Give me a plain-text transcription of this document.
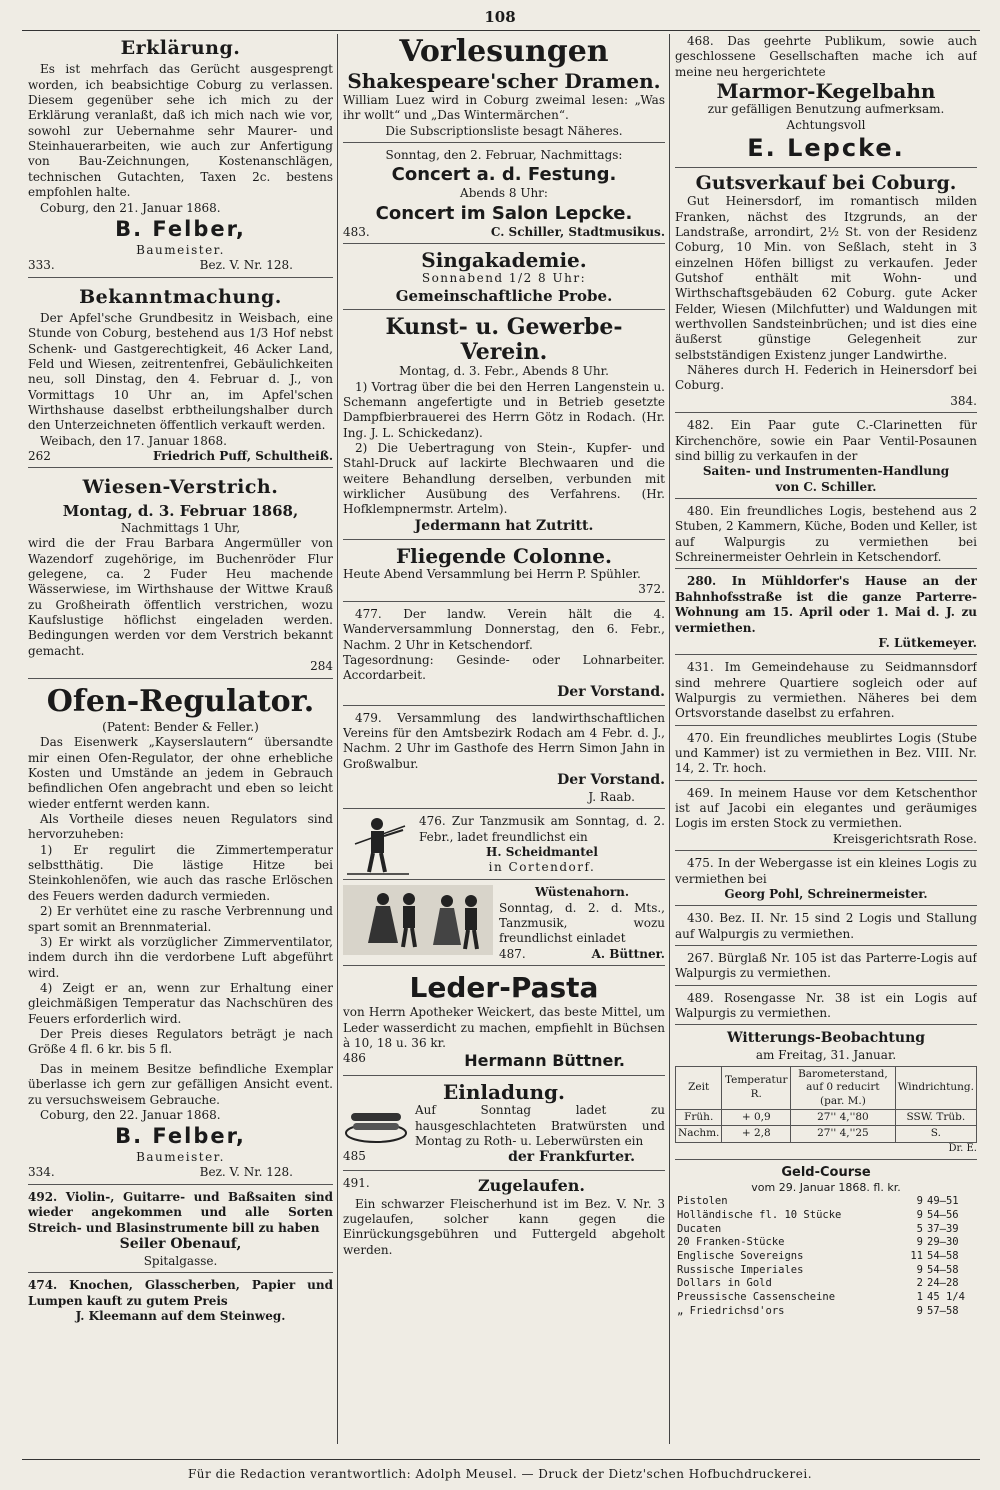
108
Erklärung.
Es ist mehrfach das Gerücht ausgesprengt worden, ich beabsichtige Coburg zu verlassen. Diesem gegenüber sehe ich mich zu der Erklärung veranlaßt, daß ich mich nach wie vor, sowohl zur Uebernahme sehr Maurer- und Steinhauerarbeiten, wie auch zur Anfertigung von Bau-Zeichnungen, Kostenanschlägen, technischen Gutachten, Taxen 2c. bestens empfohlen halte.
Coburg, den 21. Januar 1868.
B. Felber,
Baumeister.
333.	Bez. V. Nr. 128.
Bekanntmachung.
Der Apfel'sche Grundbesitz in Weisbach, eine Stunde von Coburg, bestehend aus 1/3 Hof nebst Schenk- und Gastgerechtigkeit, 46 Acker Land, Feld und Wiesen, zeitrentenfrei, Gebäulichkeiten neu, soll Dinstag, den 4. Februar d. J., von Vormittags 10 Uhr an, im Apfel'schen Wirthshause daselbst erbtheilungshalber durch den Unterzeichneten öffentlich verkauft werden.
Weibach, den 17. Januar 1868.
262	Friedrich Puff, Schultheiß.
Wiesen-Verstrich.
Montag, d. 3. Februar 1868,
Nachmittags 1 Uhr,
wird die der Frau Barbara Angermüller von Wazendorf zugehörige, im Buchenröder Flur gelegene, ca. 2 Fuder Heu machende Wässerwiese, im Wirthshause der Wittwe Krauß zu Großheirath öffentlich verstrichen, wozu Kaufslustige höflichst eingeladen werden. Bedingungen werden vor dem Verstrich bekannt gemacht.
284
Ofen-Regulator.
(Patent: Bender & Feller.)
Das Eisenwerk „Kayserslautern“ übersandte mir einen Ofen-Regulator, der ohne erhebliche Kosten und Umstände an jedem in Gebrauch befindlichen Ofen angebracht und eben so leicht wieder entfernt werden kann.
Als Vortheile dieses neuen Regulators sind hervorzuheben:
1) Er regulirt die Zimmertemperatur selbstthätig. Die lästige Hitze bei Steinkohlenöfen, wie auch das rasche Erlöschen des Feuers werden dadurch vermieden.
2) Er verhütet eine zu rasche Verbrennung und spart somit an Brennmaterial.
3) Er wirkt als vorzüglicher Zimmerventilator, indem durch ihn die verdorbene Luft abgeführt wird.
4) Zeigt er an, wenn zur Erhaltung einer gleichmäßigen Temperatur das Nachschüren des Feuers erforderlich wird.
Der Preis dieses Regulators beträgt je nach Größe 4 fl. 6 kr. bis 5 fl.
Das in meinem Besitze befindliche Exemplar überlasse ich gern zur gefälligen Ansicht event. zu versuchsweisem Gebrauche.
Coburg, den 22. Januar 1868.
B. Felber,
Baumeister.
334.	Bez. V. Nr. 128.
492. Violin-, Guitarre- und Baßsaiten sind wieder angekommen und alle Sorten Streich- und Blasinstrumente bill zu haben
Seiler Obenauf,
Spitalgasse.
474. Knochen, Glasscherben, Papier und Lumpen kauft zu gutem Preis
J. Kleemann auf dem Steinweg.
Vorlesungen
Shakespeare'scher Dramen.
William Luez wird in Coburg zweimal lesen: „Was ihr wollt“ und „Das Wintermärchen“.
Die Subscriptionsliste besagt Näheres.
Sonntag, den 2. Februar, Nachmittags:
Concert a. d. Festung.
Abends 8 Uhr:
Concert im Salon Lepcke.
483.	C. Schiller, Stadtmusikus.
Singakademie.
Sonnabend 1/2 8 Uhr:
Gemeinschaftliche Probe.
Kunst- u. Gewerbe-Verein.
Montag, d. 3. Febr., Abends 8 Uhr.
1) Vortrag über die bei den Herren Langenstein u. Schemann angefertigte und in Betrieb gesetzte Dampfbierbrauerei des Herrn Götz in Rodach. (Hr. Ing. J. L. Schickedanz).
2) Die Uebertragung von Stein-, Kupfer- und Stahl-Druck auf lackirte Blechwaaren und die weitere Behandlung derselben, verbunden mit wirklicher Ausübung des Verfahrens. (Hr. Hofklempnermstr. Artelm).
Jedermann hat Zutritt.
Fliegende Colonne.
Heute Abend Versammlung bei Herrn P. Spühler.
372.
477. Der landw. Verein hält die 4. Wanderversammlung Donnerstag, den 6. Febr., Nachm. 2 Uhr in Ketschendorf.
Tagesordnung: Gesinde- oder Lohnarbeiter. Accordarbeit.
Der Vorstand.
479. Versammlung des landwirthschaftlichen Vereins für den Amtsbezirk Rodach am 4 Febr. d. J., Nachm. 2 Uhr im Gasthofe des Herrn Simon Jahn in Großwalbur.
Der Vorstand.
J. Raab.
476. Zur Tanzmusik am Sonntag, d. 2. Febr., ladet freundlichst ein
H. Scheidmantel
in Cortendorf.
Wüstenahorn.
Sonntag, d. 2. d. Mts., Tanzmusik, wozu freundlichst einladet
487.	A. Büttner.
Leder-Pasta
von Herrn Apotheker Weickert, das beste Mittel, um Leder wasserdicht zu machen, empfiehlt in Büchsen à 10, 18 u. 36 kr.
486	Hermann Büttner.
Einladung.
Auf Sonntag ladet zu hausgeschlachteten Bratwürsten und Montag zu Roth- u. Leberwürsten ein
485	der Frankfurter.
491.	Zugelaufen.
Ein schwarzer Fleischerhund ist im Bez. V. Nr. 3 zugelaufen, solcher kann gegen die Einrückungsgebühren und Futtergeld abgeholt werden.
468. Das geehrte Publikum, sowie auch geschlossene Gesellschaften mache ich auf meine neu hergerichtete
Marmor-Kegelbahn
zur gefälligen Benutzung aufmerksam.
Achtungsvoll
E. Lepcke.
Gutsverkauf bei Coburg.
Gut Heinersdorf, im romantisch milden Franken, nächst des Itzgrunds, an der Landstraße, arrondirt, 2½ St. von der Residenz Coburg, 10 Min. von Seßlach, steht in 3 einzelnen Höfen billigst zu verkaufen. Jeder Gutshof enthält mit Wohn- und Wirthschaftsgebäuden 62 Coburg. gute Acker Felder, Wiesen (Milchfutter) und Waldungen mit werthvollen Sandsteinbrüchen; und ist dies eine äußerst günstige Gelegenheit zur selbstständigen Existenz junger Landwirthe.
Näheres durch H. Federich in Heinersdorf bei Coburg.
384.
482. Ein Paar gute C.-Clarinetten für Kirchenchöre, sowie ein Paar Ventil-Posaunen sind billig zu verkaufen in der
Saiten- und Instrumenten-Handlung
von C. Schiller.
480. Ein freundliches Logis, bestehend aus 2 Stuben, 2 Kammern, Küche, Boden und Keller, ist auf Walpurgis zu vermiethen bei Schreinermeister Oehrlein in Ketschendorf.
280. In Mühldorfer's Hause an der Bahnhofsstraße ist die ganze Parterre-Wohnung am 15. April oder 1. Mai d. J. zu vermiethen.
F. Lütkemeyer.
431. Im Gemeindehause zu Seidmannsdorf sind mehrere Quartiere sogleich oder auf Walpurgis zu vermiethen. Näheres bei dem Ortsvorstande daselbst zu erfahren.
470. Ein freundliches meublirtes Logis (Stube und Kammer) ist zu vermiethen in Bez. VIII. Nr. 14, 2. Tr. hoch.
469. In meinem Hause vor dem Ketschenthor ist auf Jacobi ein elegantes und geräumiges Logis im ersten Stock zu vermiethen.
Kreisgerichtsrath Rose.
475. In der Webergasse ist ein kleines Logis zu vermiethen bei
Georg Pohl, Schreinermeister.
430. Bez. II. Nr. 15 sind 2 Logis und Stallung auf Walpurgis zu vermiethen.
267. Bürglaß Nr. 105 ist das Parterre-Logis auf Walpurgis zu vermiethen.
489. Rosengasse Nr. 38 ist ein Logis auf Walpurgis zu vermiethen.
Witterungs-Beobachtung
am Freitag, 31. Januar.
Zeit	Temperatur R.	Barometerstand, auf 0 reducirt (par. M.)	Windrichtung.
Früh.	+ 0,9	27'' 4,''80	SSW. Trüb.
Nachm.	+ 2,8	27'' 4,''25	S.
Dr. E.
Geld-Course
vom 29. Januar 1868. fl. kr.
Pistolen	9	49—51
Holländische fl. 10 Stücke	9	54—56
Ducaten	5	37—39
20 Franken-Stücke	9	29—30
Englische Sovereigns	11	54—58
Russische Imperiales	9	54—58
Dollars in Gold	2	24—28
Preussische Cassenscheine	1	45 1/4
„ Friedrichsd'ors	9	57—58
Für die Redaction verantwortlich: Adolph Meusel. — Druck der Dietz'schen Hofbuchdruckerei.
